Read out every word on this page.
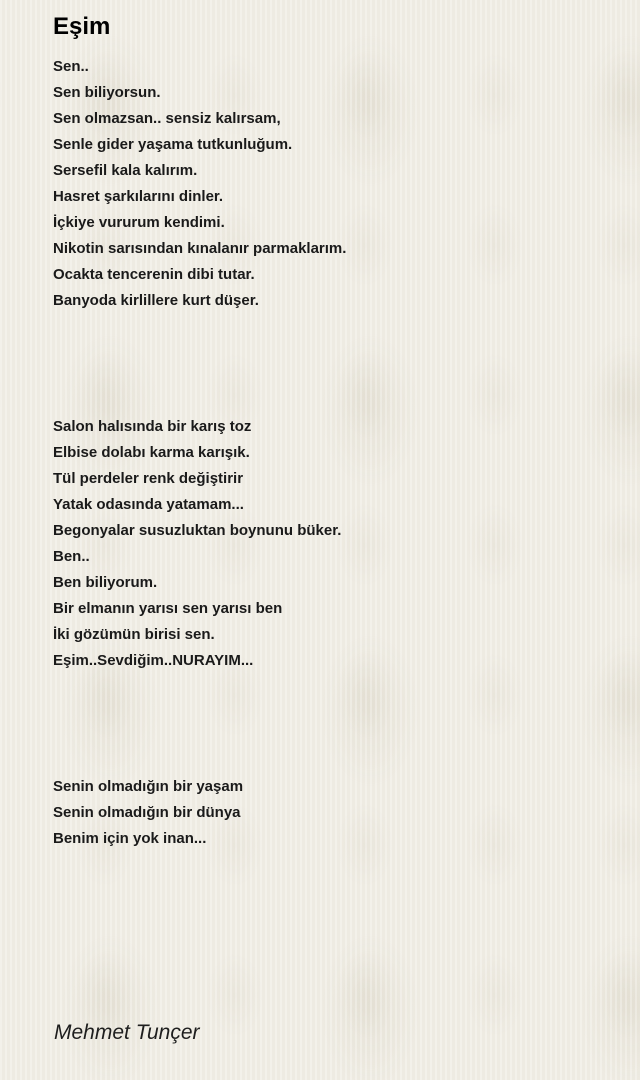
Eşim
Sen..
Sen biliyorsun.
Sen olmazsan.. sensiz kalırsam,
Senle gider yaşama tutkunluğum.
Sersefil kala kalırım.
Hasret şarkılarını dinler.
İçkiye vururum kendimi.
Nikotin sarısından kınalanır parmaklarım.
Ocakta tencerenin dibi tutar.
Banyoda kirlillere kurt düşer.
Salon halısında bir karış toz
Elbise dolabı karma karışık.
Tül perdeler renk değiştirir
Yatak odasında yatamam...
Begonyalar susuzluktan boynunu büker.
Ben..
Ben biliyorum.
Bir elmanın yarısı sen yarısı ben
İki gözümün birisi sen.
Eşim..Sevdiğim..NURAYIM...
Senin olmadığın bir yaşam
Senin olmadığın bir dünya
Benim için yok inan...
Mehmet Tunçer
